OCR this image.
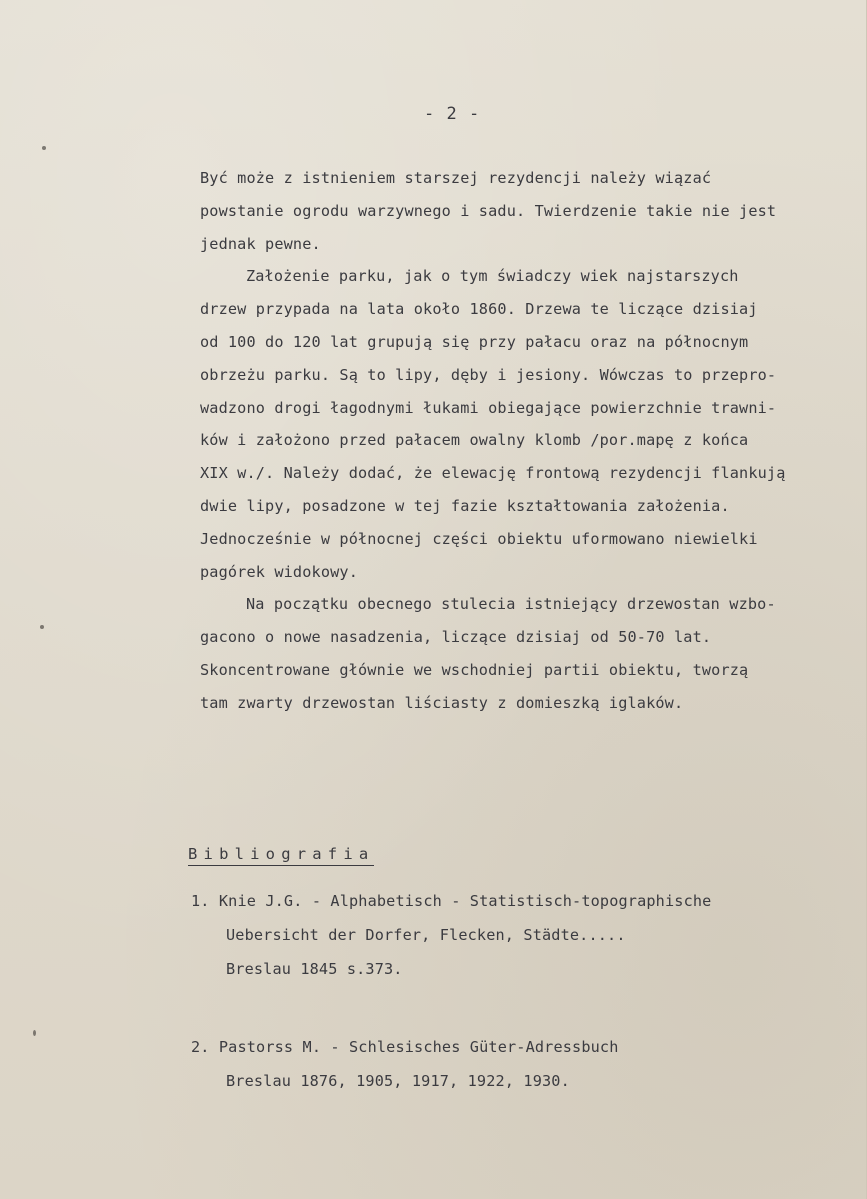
- 2 -
Być może z istnieniem starszej rezydencji należy wiązać
powstanie ogrodu warzywnego i sadu. Twierdzenie takie nie jest
jednak pewne.
Założenie parku, jak o tym świadczy wiek najstarszych
drzew przypada na lata około 1860. Drzewa te liczące dzisiaj
od 100 do 120 lat grupują się przy pałacu oraz na północnym
obrzeżu parku. Są to lipy, dęby i jesiony. Wówczas to przepro-
wadzono drogi łagodnymi łukami obiegające powierzchnie trawni-
ków i założono przed pałacem owalny klomb /por.mapę z końca
XIX w./. Należy dodać, że elewację frontową rezydencji flankują
dwie lipy, posadzone w tej fazie kształtowania założenia.
Jednocześnie w północnej części obiektu uformowano niewielki
pagórek widokowy.
Na początku obecnego stulecia istniejący drzewostan wzbo-
gacono o nowe nasadzenia, liczące dzisiaj od 50-70 lat.
Skoncentrowane głównie we wschodniej partii obiektu, tworzą
tam zwarty drzewostan liściasty z domieszką iglaków.
Bibliografia
1. Knie J.G. - Alphabetisch - Statistisch-topographische
Uebersicht der Dorfer, Flecken, Städte.....
Breslau 1845 s.373.
2. Pastorss M. - Schlesisches Güter-Adressbuch
Breslau 1876, 1905, 1917, 1922, 1930.
